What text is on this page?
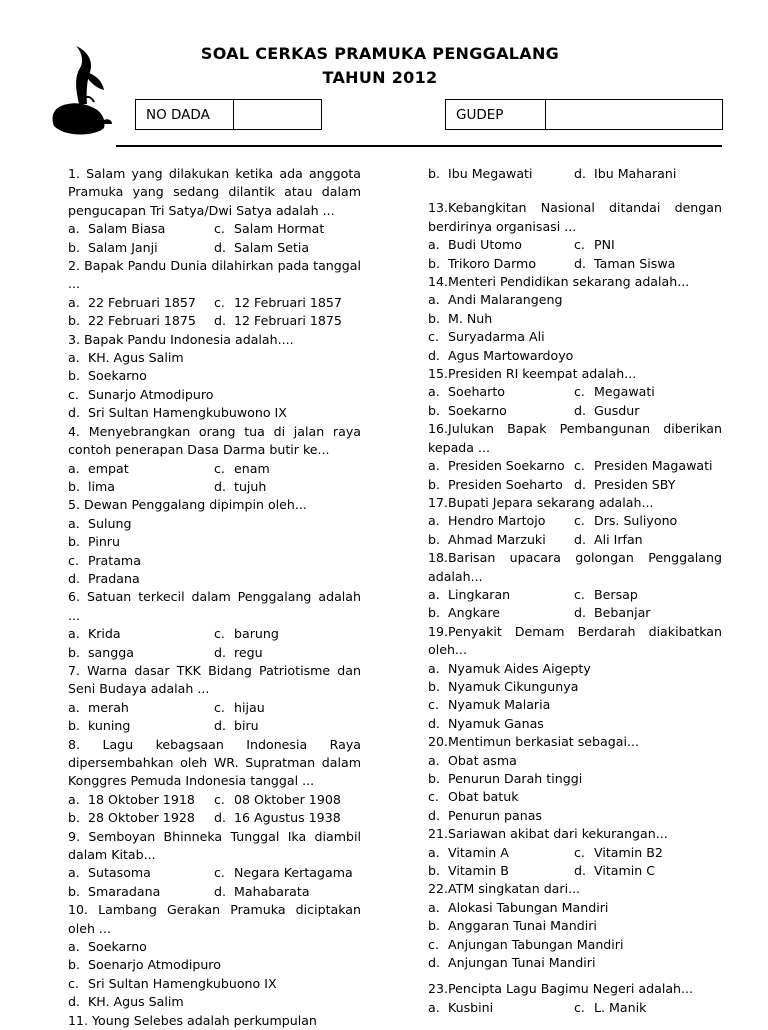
SOAL CERKAS PRAMUKA PENGGALANG
TAHUN 2012
NO DADA	GUDEP
1. Salam yang dilakukan ketika ada anggota Pramuka yang sedang dilantik atau dalam pengucapan Tri Satya/Dwi Satya adalah ...
a. Salam Biasa	c. Salam Hormat
b. Salam Janji	d. Salam Setia
2. Bapak Pandu Dunia dilahirkan pada tanggal ...
a. 22 Februari 1857 c. 12 Februari 1857
b. 22 Februari 1875 d. 12 Februari 1875
3. Bapak Pandu Indonesia adalah....
a. KH. Agus Salim
b. Soekarno
c. Sunarjo Atmodipuro
d. Sri Sultan Hamengkubuwono IX
4. Menyebrangkan orang tua di jalan raya contoh penerapan Dasa Darma butir ke...
a. empat	c. enam
b. lima	d. tujuh
5. Dewan Penggalang dipimpin oleh...
a. Sulung
b. Pinru
c. Pratama
d. Pradana
6. Satuan terkecil dalam Penggalang adalah ...
a. Krida	c. barung
b. sangga	d. regu
7. Warna dasar TKK Bidang Patriotisme dan Seni Budaya adalah ...
a. merah	c. hijau
b. kuning	d. biru
8. Lagu kebagsaan Indonesia Raya dipersembahkan oleh WR. Supratman dalam Konggres Pemuda Indonesia tanggal ...
a. 18 Oktober 1918 c. 08 Oktober 1908
b. 28 Oktober 1928 d. 16 Agustus 1938
9. Semboyan Bhinneka Tunggal Ika diambil dalam Kitab...
a. Sutasoma	c. Negara Kertagama
b. Smaradana	d. Mahabarata
10. Lambang Gerakan Pramuka diciptakan oleh ...
a. Soekarno
b. Soenarjo Atmodipuro
c. Sri Sultan Hamengkubuono IX
d. KH. Agus Salim
11. Young Selebes adalah perkumpulan
b. Ibu Megawati	d. Ibu Maharani
13.Kebangkitan Nasional ditandai dengan berdirinya organisasi ...
a. Budi Utomo	c. PNI
b. Trikoro Darmo	d. Taman Siswa
14.Menteri Pendidikan sekarang adalah...
a. Andi Malarangeng
b. M. Nuh
c. Suryadarma Ali
d. Agus Martowardoyo
15.Presiden RI keempat adalah...
a. Soeharto	c. Megawati
b. Soekarno	d. Gusdur
16.Julukan Bapak Pembangunan diberikan kepada ...
a. Presiden Soekarno c. Presiden Magawati
b. Presiden Soeharto d. Presiden SBY
17.Bupati Jepara sekarang adalah...
a. Hendro Martojo c. Drs. Suliyono
b. Ahmad Marzuki d. Ali Irfan
18.Barisan upacara golongan Penggalang adalah...
a. Lingkaran	c. Bersap
b. Angkare	d. Bebanjar
19.Penyakit Demam Berdarah diakibatkan oleh...
a. Nyamuk Aides Aigepty
b. Nyamuk Cikungunya
c. Nyamuk Malaria
d. Nyamuk Ganas
20.Mentimun berkasiat sebagai...
a. Obat asma
b. Penurun Darah tinggi
c. Obat batuk
d. Penurun panas
21.Sariawan akibat dari kekurangan...
a. Vitamin A	c. Vitamin B2
b. Vitamin B	d. Vitamin C
22.ATM singkatan dari...
a. Alokasi Tabungan Mandiri
b. Anggaran Tunai Mandiri
c. Anjungan Tabungan Mandiri
d. Anjungan Tunai Mandiri
23.Pencipta Lagu Bagimu Negeri adalah...
a. Kusbini	c. L. Manik
